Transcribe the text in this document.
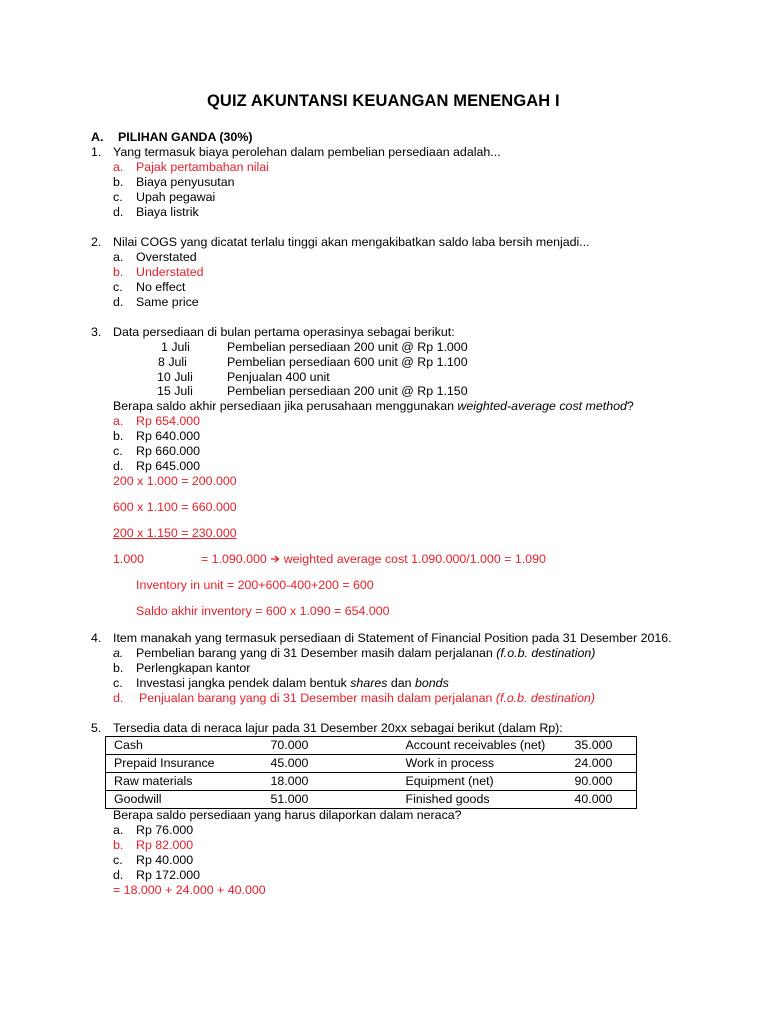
QUIZ AKUNTANSI KEUANGAN MENENGAH I
A. PILIHAN GANDA (30%)
1. Yang termasuk biaya perolehan dalam pembelian persediaan adalah...
a. Pajak pertambahan nilai
b. Biaya penyusutan
c. Upah pegawai
d. Biaya listrik
2. Nilai COGS yang dicatat terlalu tinggi akan mengakibatkan saldo laba bersih menjadi...
a. Overstated
b. Understated
c. No effect
d. Same price
3. Data persediaan di bulan pertama operasinya sebagai berikut:
1 Juli	Pembelian persediaan 200 unit @ Rp 1.000
8 Juli	Pembelian persediaan 600 unit @ Rp 1.100
10 Juli	Penjualan 400 unit
15 Juli	Pembelian persediaan 200 unit @ Rp 1.150
Berapa saldo akhir persediaan jika perusahaan menggunakan weighted-average cost method?
a. Rp 654.000
b. Rp 640.000
c. Rp 660.000
d. Rp 645.000
200 x 1.000 = 200.000
600 x 1.100 = 660.000
200 x 1.150 = 230.000
1.000	= 1.090.000 weighted average cost 1.090.000/1.000 = 1.090
Inventory in unit = 200+600-400+200 = 600
Saldo akhir inventory = 600 x 1.090 = 654.000
4. Item manakah yang termasuk persediaan di Statement of Financial Position pada 31 Desember 2016.
a. Pembelian barang yang di 31 Desember masih dalam perjalanan (f.o.b. destination)
b. Perlengkapan kantor
c. Investasi jangka pendek dalam bentuk shares dan bonds
d. Penjualan barang yang di 31 Desember masih dalam perjalanan (f.o.b. destination)
5. Tersedia data di neraca lajur pada 31 Desember 20xx sebagai berikut (dalam Rp):
Cash	70.000	Account receivables (net)	35.000
Prepaid Insurance	45.000	Work in process	24.000
Raw materials	18.000	Equipment (net)	90.000
Goodwill	51.000	Finished goods	40.000
Berapa saldo persediaan yang harus dilaporkan dalam neraca?
a. Rp 76.000
b. Rp 82.000
c. Rp 40.000
d. Rp 172.000
= 18.000 + 24.000 + 40.000
